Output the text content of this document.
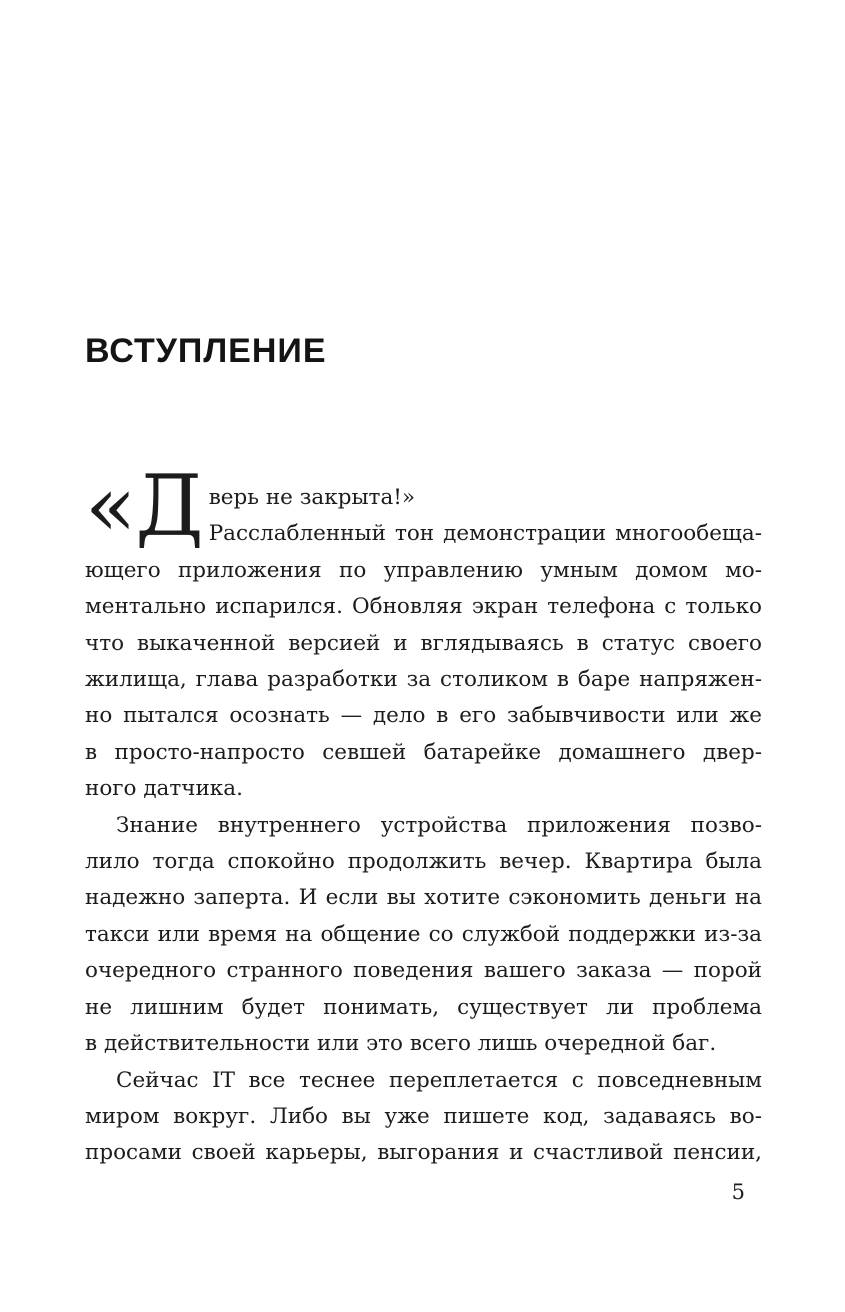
ВСТУПЛЕНИЕ
«Д верь не закрыта!»
Расслабленный тон демонстрации многообеща-
ющего приложения по управлению умным домом мо-
ментально испарился. Обновляя экран телефона с только
что выкаченной версией и вглядываясь в статус своего
жилища, глава разработки за столиком в баре напряжен-
но пытался осознать — дело в его забывчивости или же
в просто-напросто севшей батарейке домашнего двер-
ного датчика.
Знание внутреннего устройства приложения позво-
лило тогда спокойно продолжить вечер. Квартира была
надежно заперта. И если вы хотите сэкономить деньги на
такси или время на общение со службой поддержки из-за
очередного странного поведения вашего заказа — порой
не лишним будет понимать, существует ли проблема
в действительности или это всего лишь очередной баг.
Сейчас IT все теснее переплетается с повседневным
миром вокруг. Либо вы уже пишете код, задаваясь во-
просами своей карьеры, выгорания и счастливой пенсии,
5
